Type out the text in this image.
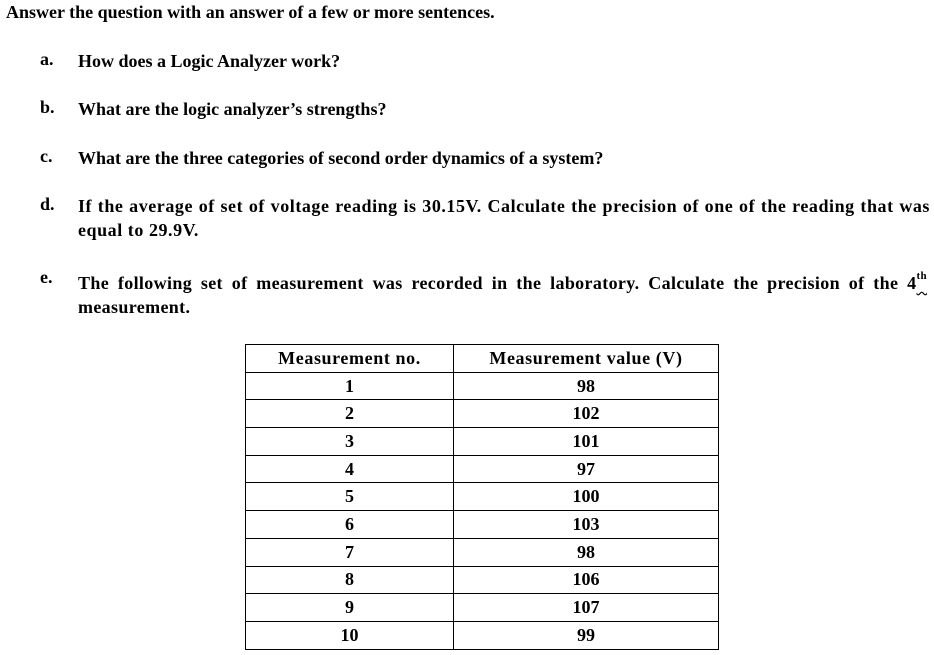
Answer the question with an answer of a few or more sentences.
a.	How does a Logic Analyzer work?
b.	What are the logic analyzer’s strengths?
c.	What are the three categories of second order dynamics of a system?
d.	If the average of set of voltage reading is 30.15V. Calculate the precision of one of the reading that was equal to 29.9V.
e.	The following set of measurement was recorded in the laboratory. Calculate the precision of the 4th measurement.
Measurement no.	Measurement value (V)
1	98
2	102
3	101
4	97
5	100
6	103
7	98
8	106
9	107
10	99
